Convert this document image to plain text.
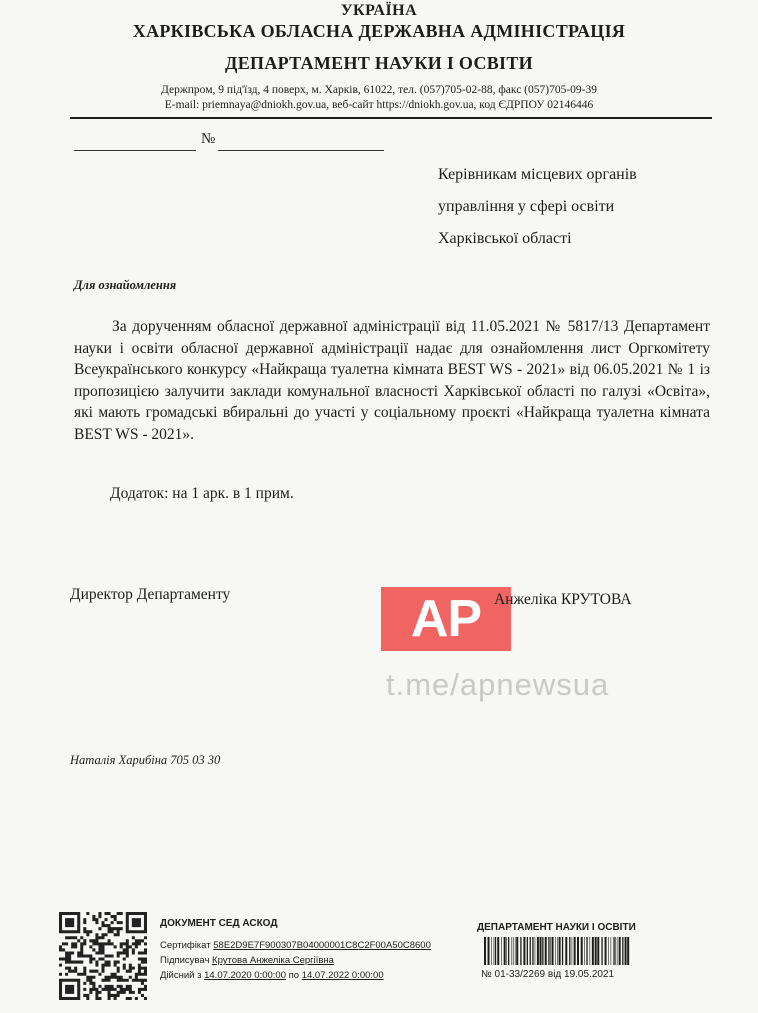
УКРАЇНА
ХАРКІВСЬКА ОБЛАСНА ДЕРЖАВНА АДМІНІСТРАЦІЯ
ДЕПАРТАМЕНТ НАУКИ І ОСВІТИ
Держпром, 9 під'їзд, 4 поверх, м. Харків, 61022, тел. (057)705-02-88, факс (057)705-09-39
E-mail: priemnaya@dniokh.gov.ua, веб-сайт https://dniokh.gov.ua, код ЄДРПОУ 02146446
№
Керівникам місцевих органів
управління у сфері освіти
Харківської області
Для ознайомлення

За дорученням обласної державної адміністрації від 11.05.2021 № 5817/13 Департамент науки і освіти обласної державної адміністрації надає для ознайомлення лист Оргкомітету Всеукраїнського конкурсу «Найкраща туалетна кімната BEST WS - 2021» від 06.05.2021 № 1 із пропозицією залучити заклади комунальної власності Харківської області по галузі «Освіта», які мають громадські вбиральні до участі у соціальному проєкті «Найкраща туалетна кімната BEST WS - 2021».

Додаток: на 1 арк. в 1 прим.
Директор Департаменту	AP
t.me/apnewsua
Анжеліка КРУТОВА
Наталія Харибіна 705 03 30
ДОКУМЕНТ СЕД АСКОД
Сертифікат 58E2D9E7F900307B04000001C8C2F00A50C8600
Підписувач Крутова Анжеліка Сергіївна
Дійсний з 14.07.2020 0:00:00 по 14.07.2022 0:00:00
ДЕПАРТАМЕНТ НАУКИ І ОСВІТИ
№ 01-33/2269 від 19.05.2021
